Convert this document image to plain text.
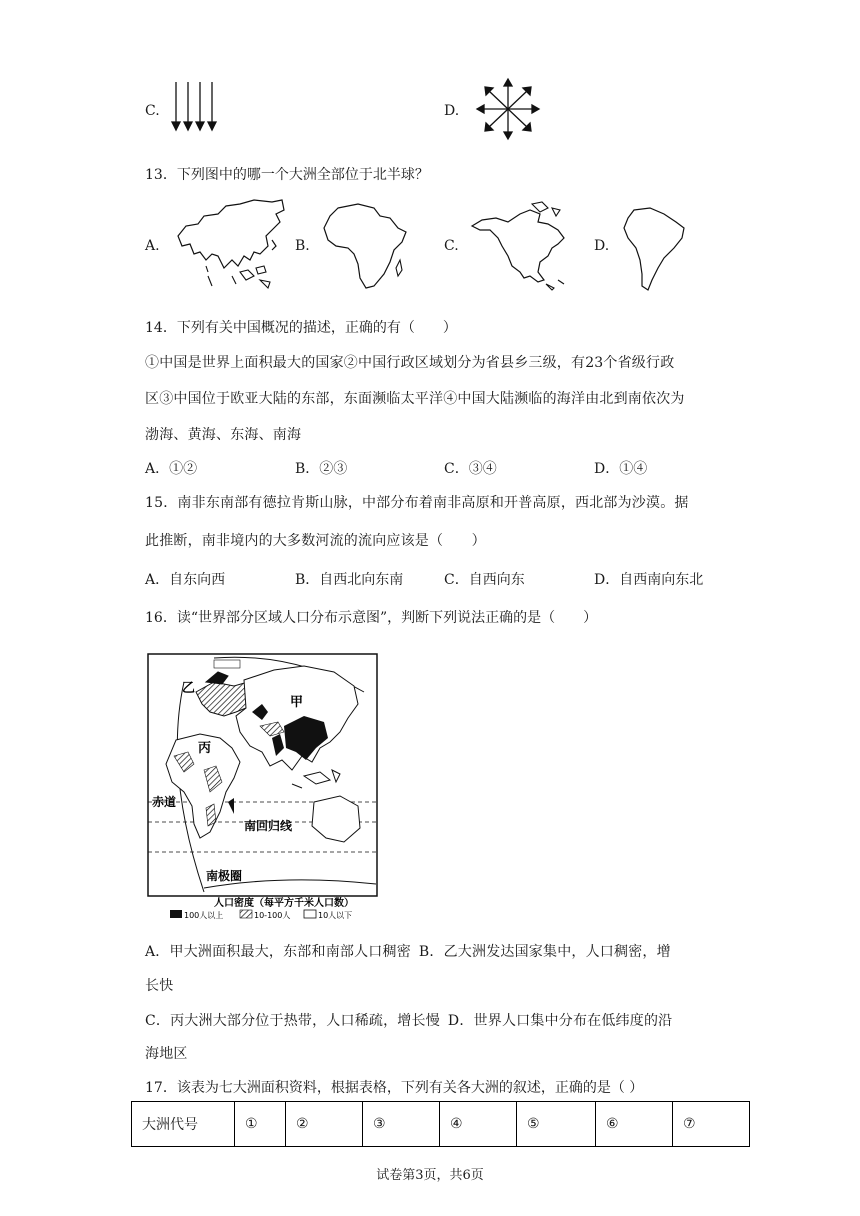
C.	D.
13．下列图中的哪一个大洲全部位于北半球？
A.	B.	C.	D.
14．下列有关中国概况的描述，正确的有（　　）
①中国是世界上面积最大的国家②中国行政区域划分为省县乡三级，有23个省级行政
区③中国位于欧亚大陆的东部，东面濒临太平洋④中国大陆濒临的海洋由北到南依次为
渤海、黄海、东海、南海
A．①②	B．②③	C．③④	D．①④
15．南非东南部有德拉肯斯山脉，中部分布着南非高原和开普高原，西北部为沙漠。据
此推断，南非境内的大多数河流的流向应该是（　　）
A．自东向西	B．自西北向东南	C．自西向东	D．自西南向东北
16．读“世界部分区域人口分布示意图”，判断下列说法正确的是（　　）
甲
乙
丙
赤道
南回归线
南极圈
人口密度（每平方千米人口数）
100人以上	10-100人	10人以下
A．甲大洲面积最大，东部和南部人口稠密 B．乙大洲发达国家集中，人口稠密，增
长快
C．丙大洲大部分位于热带，人口稀疏，增长慢 D．世界人口集中分布在低纬度的沿
海地区
17．该表为七大洲面积资料，根据表格，下列有关各大洲的叙述，正确的是（ ）
大洲代号	①	②	③	④	⑤	⑥	⑦
试卷第3页，共6页
